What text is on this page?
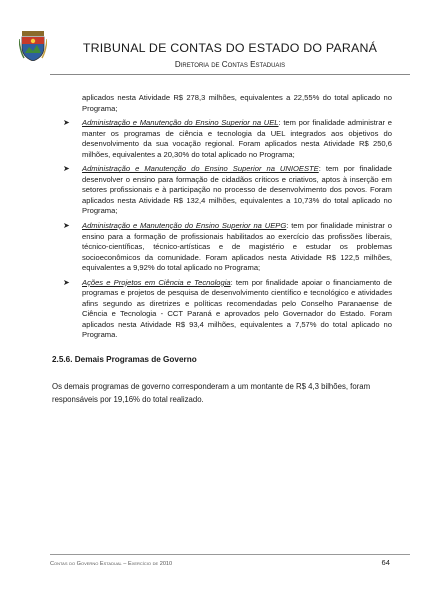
TRIBUNAL DE CONTAS DO ESTADO DO PARANÁ
Diretoria de Contas Estaduais

aplicados nesta Atividade R$ 278,3 milhões, equivalentes a 22,55% do total aplicado no Programa;

➤ Administração e Manutenção do Ensino Superior na UEL: tem por finalidade administrar e manter os programas de ciência e tecnologia da UEL integrados aos objetivos do desenvolvimento da sua vocação regional. Foram aplicados nesta Atividade R$ 250,6 milhões, equivalentes a 20,30% do total aplicado no Programa;
➤ Administração e Manutenção do Ensino Superior na UNIOESTE: tem por finalidade desenvolver o ensino para formação de cidadãos críticos e criativos, aptos à inserção em setores profissionais e à participação no processo de desenvolvimento dos povos. Foram aplicados nesta Atividade R$ 132,4 milhões, equivalentes a 10,73% do total aplicado no Programa;
➤ Administração e Manutenção do Ensino Superior na UEPG: tem por finalidade ministrar o ensino para a formação de profissionais habilitados ao exercício das profissões liberais, técnico-científicas, técnico-artísticas e de magistério e estudar os problemas socioeconômicos da comunidade. Foram aplicados nesta Atividade R$ 122,5 milhões, equivalentes a 9,92% do total aplicado no Programa;
➤ Ações e Projetos em Ciência e Tecnologia: tem por finalidade apoiar o financiamento de programas e projetos de pesquisa de desenvolvimento científico e tecnológico e atividades afins segundo as diretrizes e políticas recomendadas pelo Conselho Paranaense de Ciência e Tecnologia - CCT Paraná e aprovados pelo Governador do Estado. Foram aplicados nesta Atividade R$ 93,4 milhões, equivalentes a 7,57% do total aplicado no Programa.
2.5.6. Demais Programas de Governo

Os demais programas de governo corresponderam a um montante de R$ 4,3 bilhões, foram responsáveis por 19,16% do total realizado.

Contas do Governo Estadual – Exercício de 2010	64
